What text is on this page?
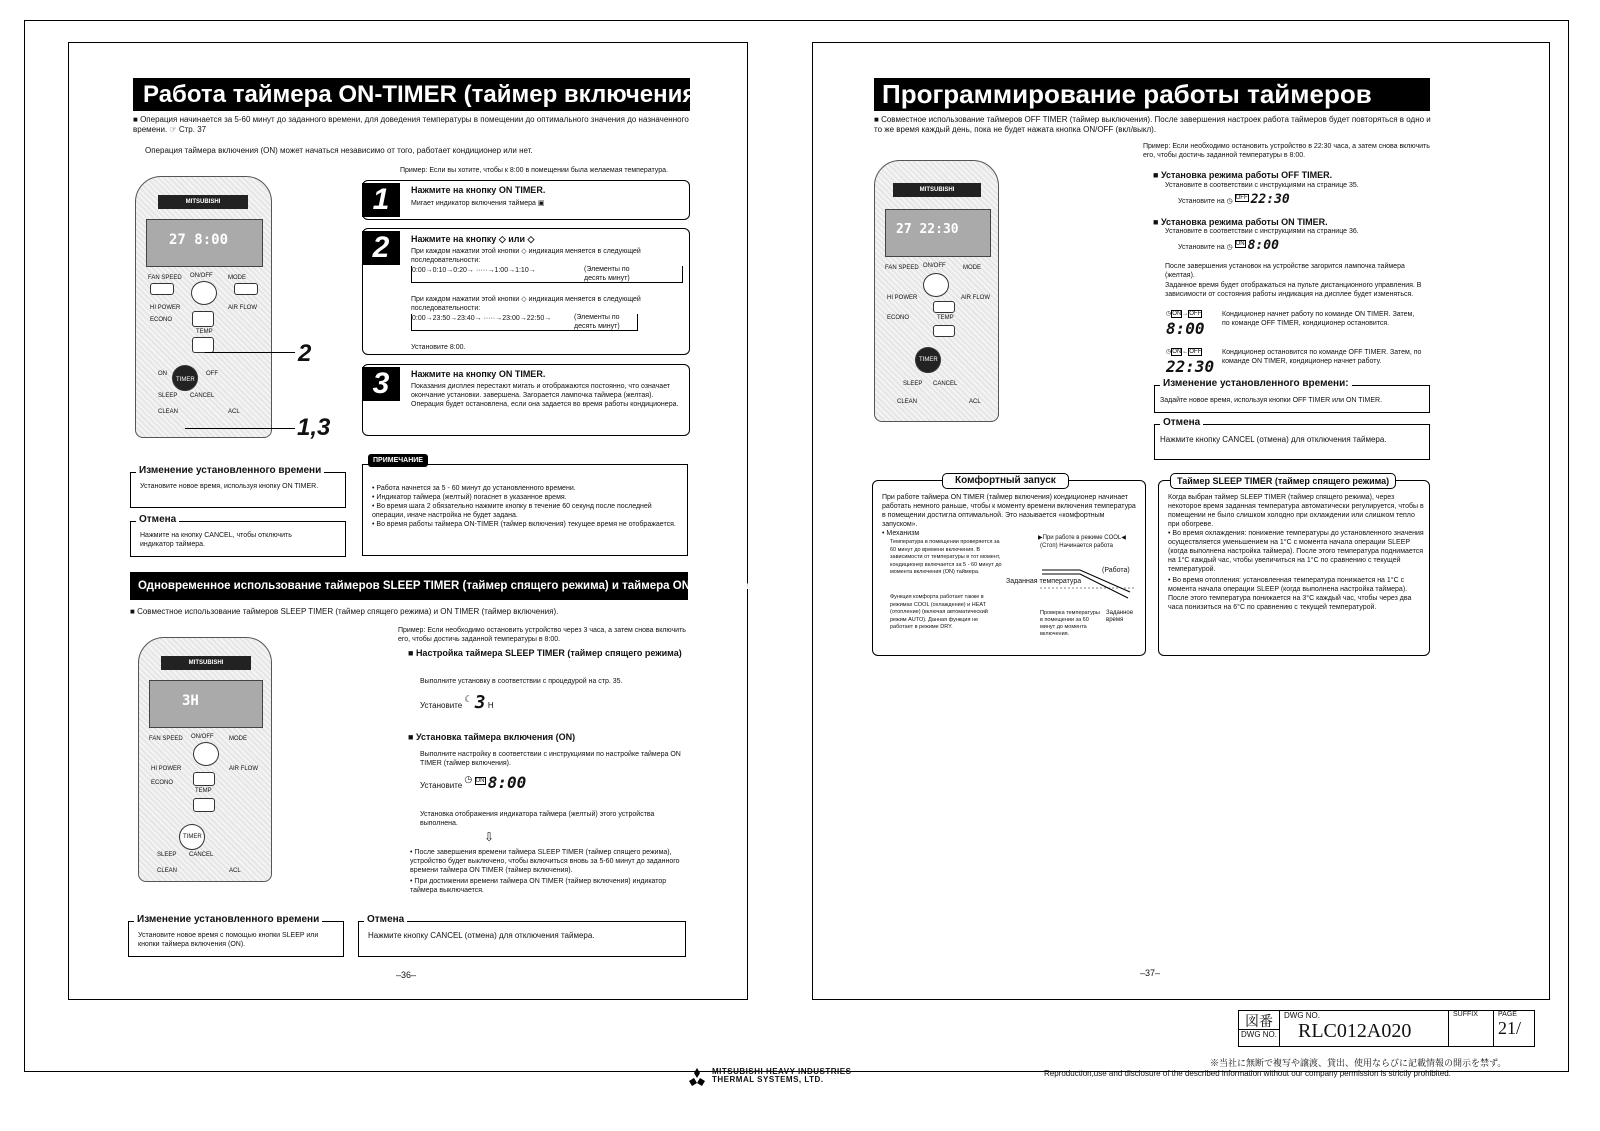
Работа таймера ON-TIMER (таймер включения)
■ Операция начинается за 5-60 минут до заданного времени, для доведения температуры в помещении до оптимального значения до назначенного времени. ☞ Стр. 37
Операция таймера включения (ON) может начаться независимо от того, работает кондиционер или нет.
Пример: Если вы хотите, чтобы к 8:00 в помещении была желаемая температура.
MITSUBISHI
27 8:00
FAN SPEED ON/OFF	MODE
HI POWER	AIR FLOW
ECONO
TEMP
TIMER
ON	OFF
SLEEP CANCEL
CLEAN	ACL
2
1,3
1	Нажмите на кнопку ON TIMER.
Мигает индикатор включения таймера ▣
2	Нажмите на кнопку ◇ или ◇
При каждом нажатии этой кнопки ◇ индикация меняется в следующей последовательности:
0:00→0:10→0:20→ ·····→1:00→1:10→	(Элементы по десять минут)
При каждом нажатии этой кнопки ◇ индикация меняется в следующей последовательности:
0:00→23:50→23:40→ ·····→23:00→22:50→	(Элементы по десять минут)
Установите 8:00.
3	Нажмите на кнопку ON TIMER.
Показания дисплея перестают мигать и отображаются постоянно, что означает окончание установки. завершена. Загорается лампочка таймера (желтая). Операция будет остановлена, если она задается во время работы кондиционера.
Изменение установленного времени
Установите новое время, используя кнопку ON TIMER.
Отмена
Нажмите на кнопку CANCEL, чтобы отключить индикатор таймера.
ПРИМЕЧАНИЕ
• Работа начнется за 5 - 60 минут до установленного времени.
• Индикатор таймера (желтый) погаснет в указанное время.
• Во время шага 2 обязательно нажмите кнопку в течение 60 секунд после последней операции, иначе настройка не будет задана.
• Во время работы таймера ON-TIMER (таймер включения) текущее время не отображается.
Одновременное использование таймеров SLEEP TIMER (таймер спящего режима) и таймера ON-TIMER (таймер включения)
■ Совместное использование таймеров SLEEP TIMER (таймер спящего режима) и ON TIMER (таймер включения).
Пример: Если необходимо остановить устройство через 3 часа, а затем снова включить его, чтобы достичь заданной температуры в 8:00.
MITSUBISHI
3H
FAN SPEED ON/OFF	MODE
HI POWER	AIR FLOW
ECONO
TEMP
TIMER
SLEEP CANCEL
CLEAN	ACL
■ Настройка таймера SLEEP TIMER (таймер спящего режима)
Выполните установку в соответствии с процедурой на стр. 35.
Установите ☾ 3 H
■ Установка таймера включения (ON)
Выполните настройку в соответствии с инструкциями по настройке таймера ON TIMER (таймер включения).
Установите ◷ $^{ON}$ 8:00
Установка отображения индикатора таймера (желтый) этого устройства выполнена.
⇩
• После завершения времени таймера SLEEP TIMER (таймер спящего режима), устройство будет выключено, чтобы включиться вновь за 5-60 минут до заданного времени таймера ON TIMER (таймер включения).
• При достижении времени таймера ON TIMER (таймер включения) индикатор таймера выключается.
Изменение установленного времени
Установите новое время с помощью кнопки SLEEP или кнопки таймера включения (ON).
Отмена
Нажмите кнопку CANCEL (отмена) для отключения таймера.
–36–
Программирование работы таймеров
■ Совместное использование таймеров OFF TIMER (таймер выключения). После завершения настроек работа таймеров будет повторяться в одно и то же время каждый день, пока не будет нажата кнопка ON/OFF (вкл/выкл).
Пример: Если необходимо остановить устройство в 22:30 часа, а затем снова включить его, чтобы достичь заданной температуры в 8:00.
MITSUBISHI
27 22:30
FAN SPEED ON/OFF	MODE
HI POWER	AIR FLOW
ECONO	TEMP
TIMER
SLEEP CANCEL
CLEAN	ACL
■ Установка режима работы OFF TIMER.
Установите в соответствии с инструкциями на странице 35.
Установите на ◷ OFF 22:30
■ Установка режима работы ON TIMER.
Установите в соответствии с инструкциями на странице 36.
Установите на ◷ ON 8:00
После завершения установок на устройстве загорится лампочка таймера (желтая).
Заданное время будет отображаться на пульте дистанционного управления. В зависимости от состояния работы индикация на дисплее будет изменяться.
◷ON→OFF
8:00
Кондиционер начнет работу по команде ON TIMER. Затем, по команде OFF TIMER, кондиционер остановится.
◷ON←OFF
22:30
Кондиционер остановится по команде OFF TIMER. Затем, по команде ON TIMER, кондиционер начнет работу.
Изменение установленного времени:
Задайте новое время, используя кнопки OFF TIMER или ON TIMER.
Отмена
Нажмите кнопку CANCEL (отмена) для отключения таймера.
Комфортный запуск
При работе таймера ON TIMER (таймер включения) кондиционер начинает работать немного раньше, чтобы к моменту времени включения температура в помещении достигла оптимальной. Это называется «комфортным запуском».
• Механизм
Температура в помещении проверяется за 60 минут до времени включения. В зависимости от температуры в тот момент, кондиционер включается за 5 - 60 минут до момента включения (ON) таймера.
Функция комфорта работает также в режимах COOL (охлаждение) и HEAT (отопление) (включая автоматический режим AUTO). Данная функция не работает в режиме DRY.
▶При работе в режиме COOL◀
(Стоп) Начинается работа
(Работа)
Заданная температура
Проверка температуры в помещении за 60 минут до момента включения.
Заданное время
Таймер SLEEP TIMER (таймер спящего режима)
Когда выбран таймер SLEEP TIMER (таймер спящего режима), через некоторое время заданная температура автоматически регулируется, чтобы в помещении не было слишком холодно при охлаждении или слишком тепло при обогреве.
• Во время охлаждения: понижение температуры до установленного значения осуществляется уменьшением на 1°C с момента начала операции SLEEP (когда выполнена настройка таймера). После этого температура поднимается на 1°C каждый час, чтобы увеличиться на 1°C по сравнению с текущей температурой.
• Во время отопления: установленная температура понижается на 1°C с момента начала операции SLEEP (когда выполнена настройка таймера). После этого температура понижается на 3°C каждый час, чтобы через два часа понизиться на 6°C по сравнению с текущей температурой.
–37–
図番
DWG NO.

DWG NO.
RLC012A020

SUFFIX	PAGE
21/
MITSUBISHI HEAVY INDUSTRIES
THERMAL SYSTEMS, LTD.
※当社に無断で複写や譲渡、貸出、使用ならびに記載情報の開示を禁ず。
Reproduction,use and disclosure of the described information without our company permission is strictly prohibited.
